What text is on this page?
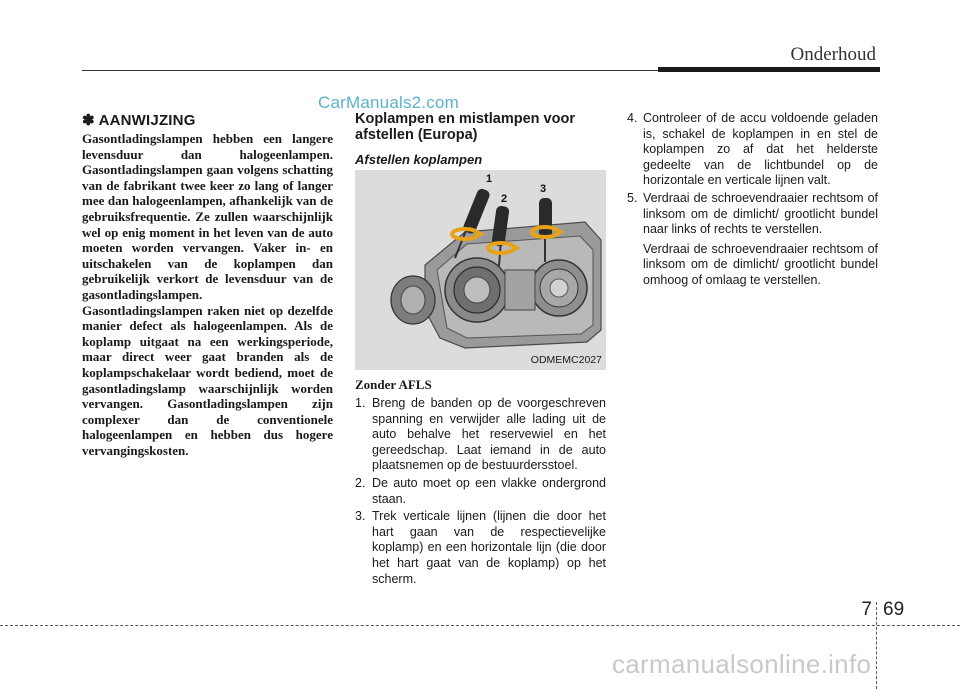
Onderhoud
CarManuals2.com
✽ AANWIJZING

Gasontladingslampen hebben een langere levensduur dan halogeenlampen. Gasontladingslampen gaan volgens schatting van de fabrikant twee keer zo lang of langer mee dan halogeenlampen, afhankelijk van de gebruiksfrequentie. Ze zullen waarschijnlijk wel op enig moment in het leven van de auto moeten worden vervangen. Vaker in- en uitschakelen van de koplampen dan gebruikelijk verkort de levensduur van de gasontladingslampen.

Gasontladingslampen raken niet op dezelfde manier defect als halogeenlampen. Als de koplamp uitgaat na een werkingsperiode, maar direct weer gaat branden als de koplampschakelaar wordt bediend, moet de gasontladingslamp waarschijnlijk worden vervangen. Gasontladingslampen zijn complexer dan de conventionele halogeenlampen en hebben dus hogere vervangingskosten.

Koplampen en mistlampen voor afstellen (Europa)
Afstellen koplampen
1
2
3
ODMEMC2027
Zonder AFLS
1. Breng de banden op de voorgeschreven spanning en verwijder alle lading uit de auto behalve het reservewiel en het gereedschap. Laat iemand in de auto plaatsnemen op de bestuurdersstoel.

2. De auto moet op een vlakke ondergrond staan.

3. Trek verticale lijnen (lijnen die door het hart gaan van de respectievelijke koplamp) en een horizontale lijn (die door het hart gaat van de koplamp) op het scherm.

4. Controleer of de accu voldoende geladen is, schakel de koplampen in en stel de koplampen zo af dat het helderste gedeelte van de lichtbundel op de horizontale en verticale lijnen valt.

5. Verdraai de schroevendraaier rechtsom of linksom om de dimlicht/ grootlicht bundel naar links of rechts te verstellen.

Verdraai de schroevendraaier rechtsom of linksom om de dimlicht/ grootlicht bundel omhoog of omlaag te verstellen.

7 69
carmanualsonline.info
